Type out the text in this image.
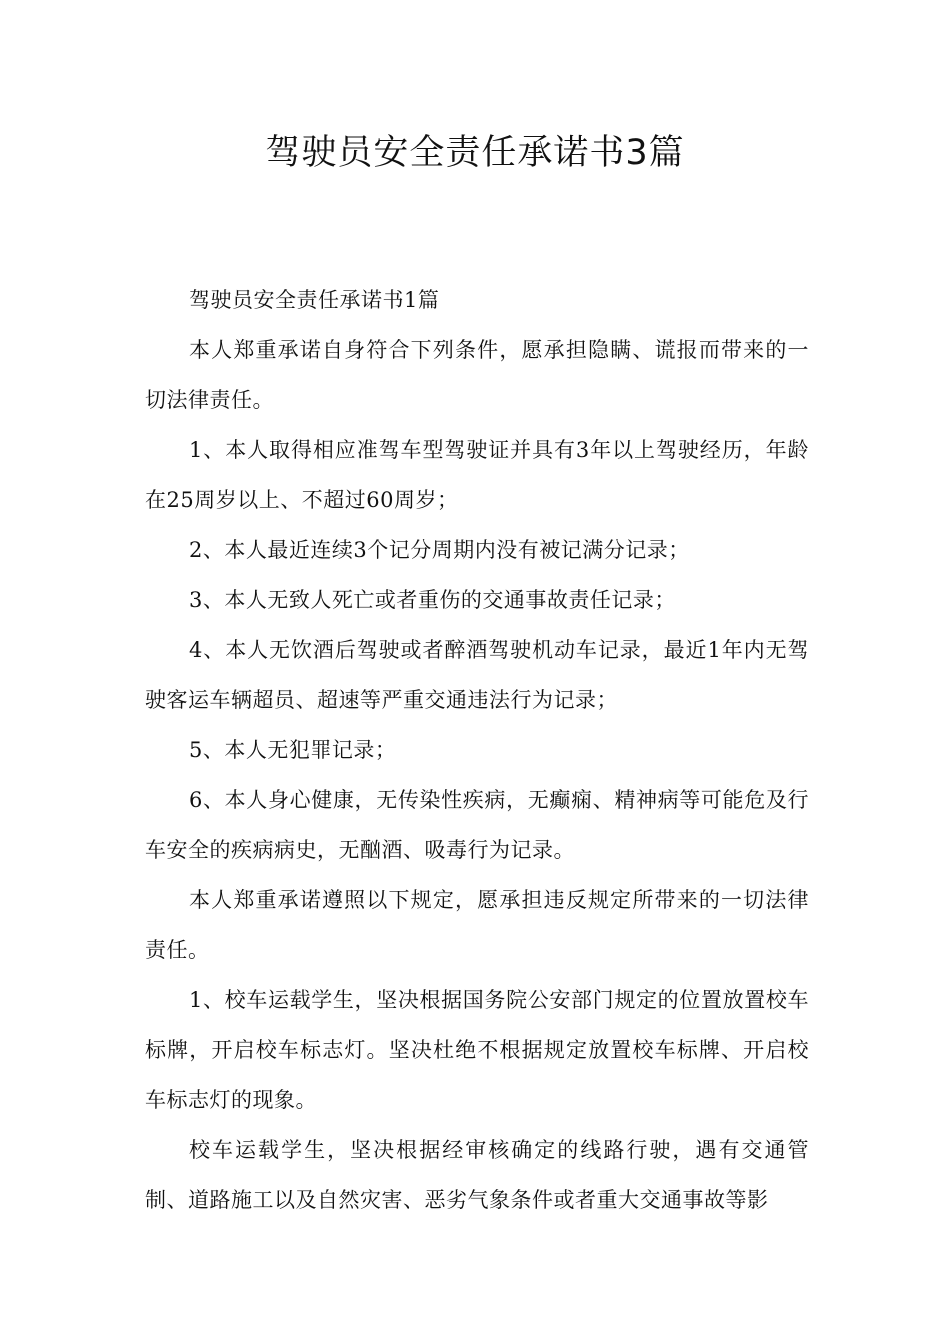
驾驶员安全责任承诺书3篇

驾驶员安全责任承诺书1篇

本人郑重承诺自身符合下列条件，愿承担隐瞒、谎报而带来的一切法律责任。

1、本人取得相应准驾车型驾驶证并具有3年以上驾驶经历，年龄在25周岁以上、不超过60周岁；

2、本人最近连续3个记分周期内没有被记满分记录；

3、本人无致人死亡或者重伤的交通事故责任记录；

4、本人无饮酒后驾驶或者醉酒驾驶机动车记录，最近1年内无驾驶客运车辆超员、超速等严重交通违法行为记录；

5、本人无犯罪记录；

6、本人身心健康，无传染性疾病，无癫痫、精神病等可能危及行车安全的疾病病史，无酗酒、吸毒行为记录。

本人郑重承诺遵照以下规定，愿承担违反规定所带来的一切法律责任。

1、校车运载学生，坚决根据国务院公安部门规定的位置放置校车标牌，开启校车标志灯。坚决杜绝不根据规定放置校车标牌、开启校车标志灯的现象。

校车运载学生，坚决根据经审核确定的线路行驶，遇有交通管制、道路施工以及自然灾害、恶劣气象条件或者重大交通事故等影
